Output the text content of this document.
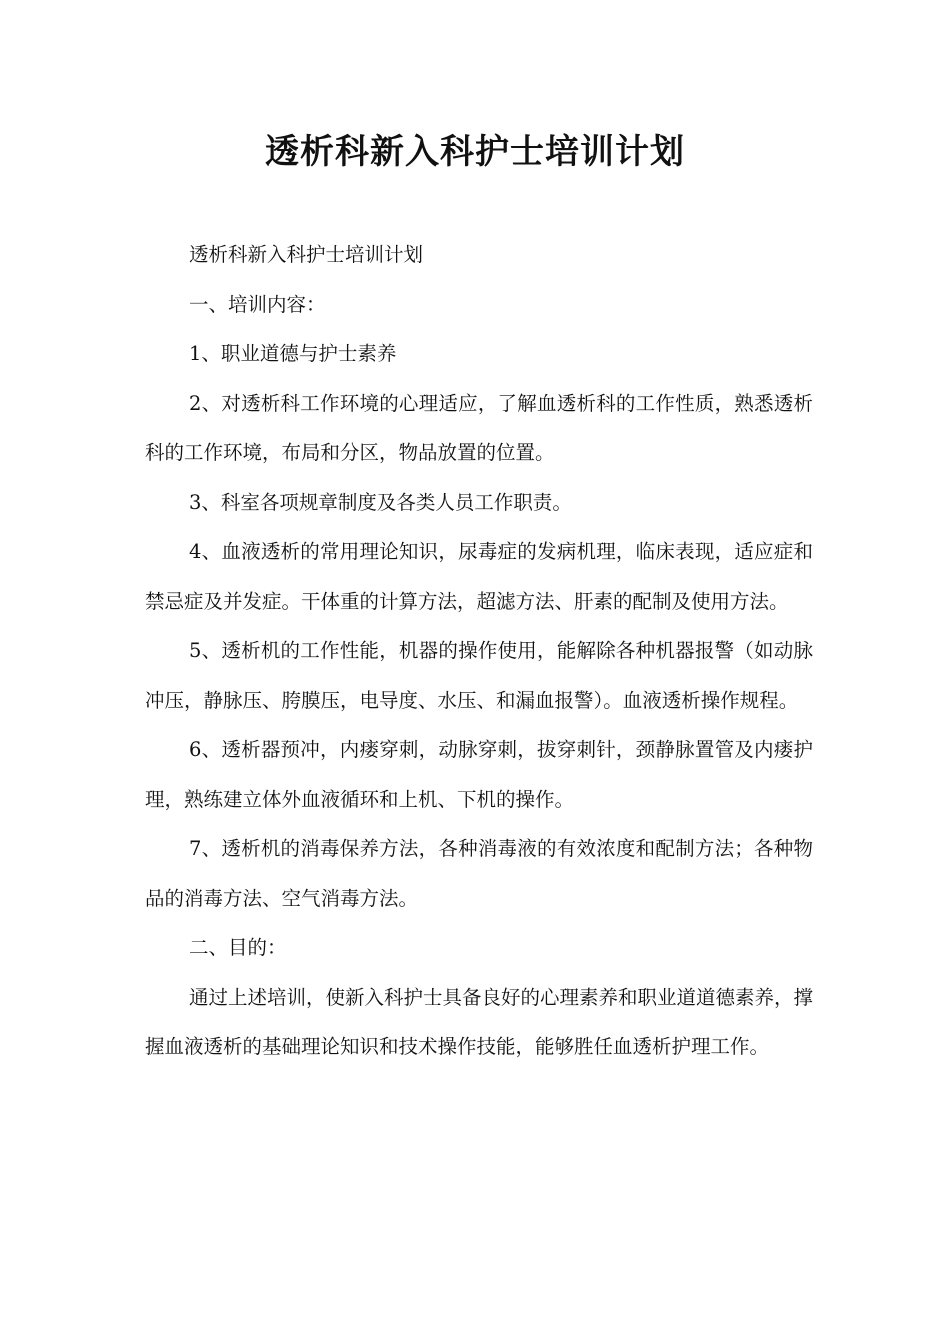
透析科新入科护士培训计划

透析科新入科护士培训计划

一、培训内容：

1、职业道德与护士素养

2、对透析科工作环境的心理适应，了解血透析科的工作性质，熟悉透析科的工作环境，布局和分区，物品放置的位置。

3、科室各项规章制度及各类人员工作职责。

4、血液透析的常用理论知识，尿毒症的发病机理，临床表现，适应症和禁忌症及并发症。干体重的计算方法，超滤方法、肝素的配制及使用方法。

5、透析机的工作性能，机器的操作使用，能解除各种机器报警（如动脉冲压，静脉压、胯膜压，电导度、水压、和漏血报警）。血液透析操作规程。

6、透析器预冲，内瘘穿刺，动脉穿刺，拔穿刺针，颈静脉置管及内瘘护理，熟练建立体外血液循环和上机、下机的操作。

7、透析机的消毒保养方法，各种消毒液的有效浓度和配制方法；各种物品的消毒方法、空气消毒方法。

二、目的：

通过上述培训，使新入科护士具备良好的心理素养和职业道道德素养，撑握血液透析的基础理论知识和技术操作技能，能够胜任血透析护理工作。
